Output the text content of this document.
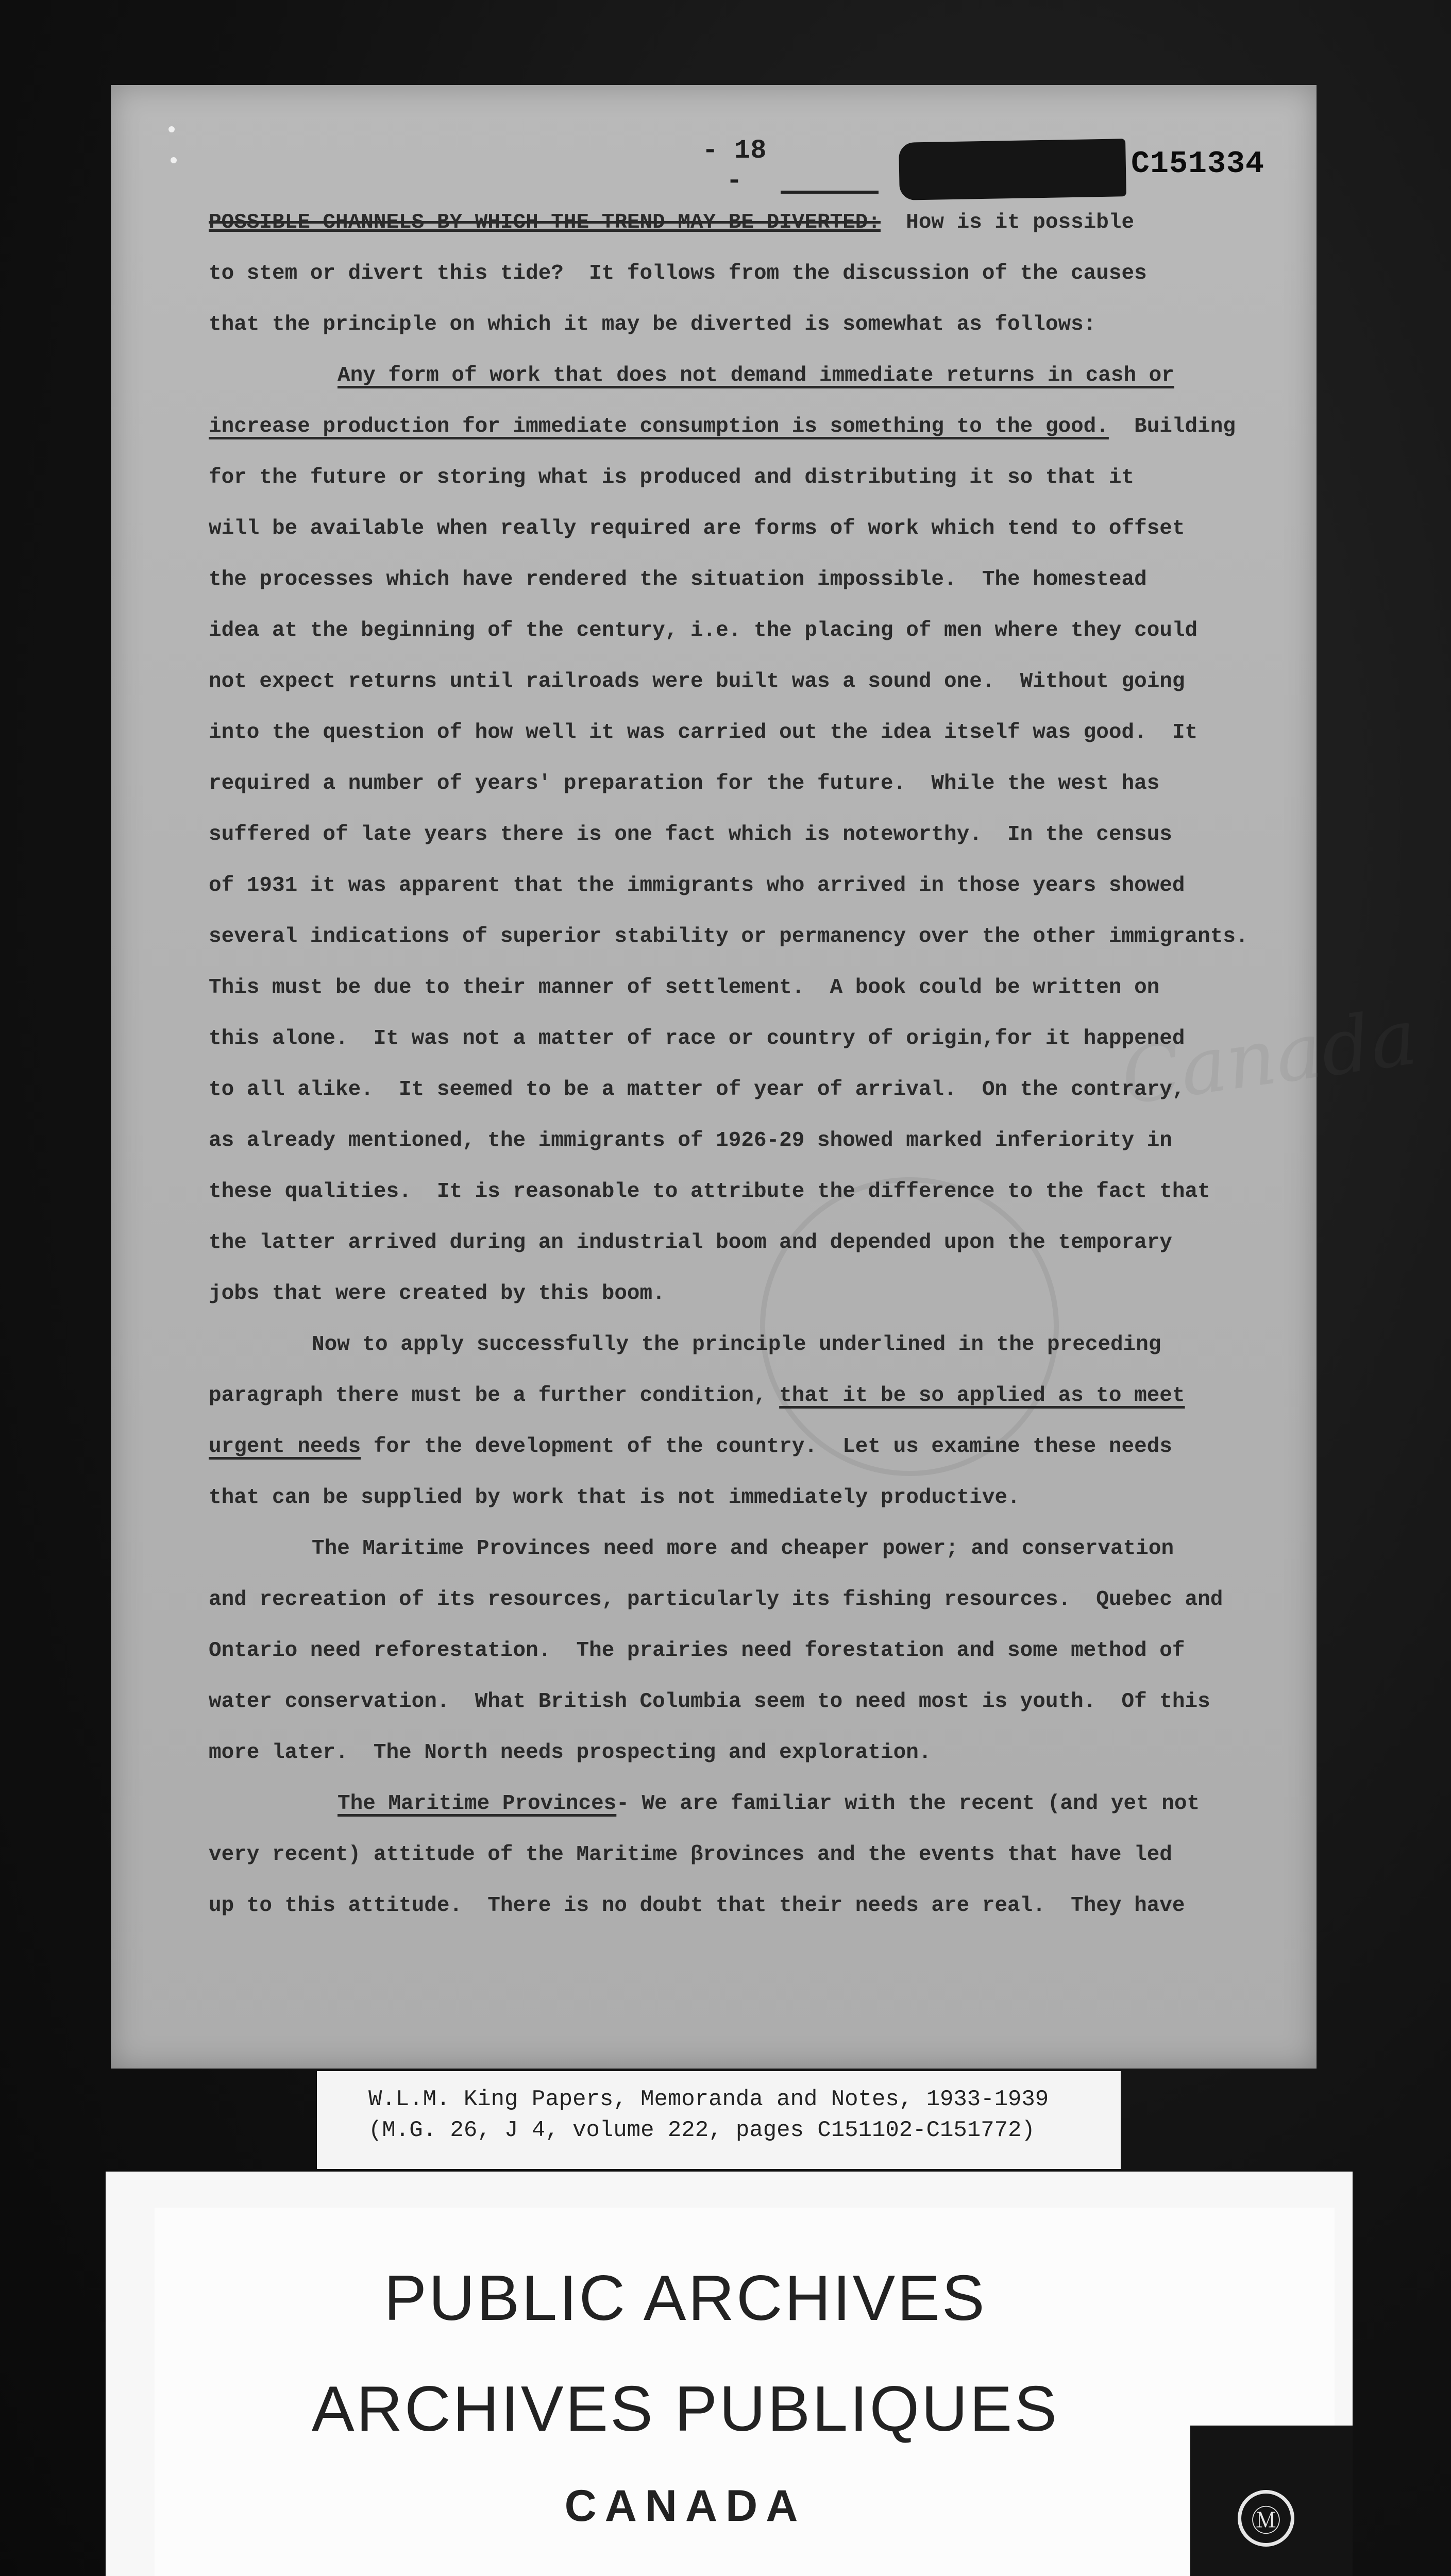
- 18 -	C151334
Canada
POSSIBLE CHANNELS BY WHICH THE TREND MAY BE DIVERTED:  How is it possible
to stem or divert this tide?  It follows from the discussion of the causes
that the principle on which it may be diverted is somewhat as follows:
Any form of work that does not demand immediate returns in cash or
increase production for immediate consumption is something to the good.  Building
for the future or storing what is produced and distributing it so that it
will be available when really required are forms of work which tend to offset
the processes which have rendered the situation impossible.  The homestead
idea at the beginning of the century, i.e. the placing of men where they could
not expect returns until railroads were built was a sound one.  Without going
into the question of how well it was carried out the idea itself was good.  It
required a number of years' preparation for the future.  While the west has
suffered of late years there is one fact which is noteworthy.  In the census
of 1931 it was apparent that the immigrants who arrived in those years showed
several indications of superior stability or permanency over the other immigrants.
This must be due to their manner of settlement.  A book could be written on
this alone.  It was not a matter of race or country of origin,for it happened
to all alike.  It seemed to be a matter of year of arrival.  On the contrary,
as already mentioned, the immigrants of 1926-29 showed marked inferiority in
these qualities.  It is reasonable to attribute the difference to the fact that
the latter arrived during an industrial boom and depended upon the temporary
jobs that were created by this boom.
Now to apply successfully the principle underlined in the preceding
paragraph there must be a further condition, that it be so applied as to meet
urgent needs for the development of the country.  Let us examine these needs
that can be supplied by work that is not immediately productive.
The Maritime Provinces need more and cheaper power; and conservation
and recreation of its resources, particularly its fishing resources.  Quebec and
Ontario need reforestation.  The prairies need forestation and some method of
water conservation.  What British Columbia seem to need most is youth.  Of this
more later.  The North needs prospecting and exploration.
The Maritime Provinces- We are familiar with the recent (and yet not
very recent) attitude of the Maritime βrovinces and the events that have led
up to this attitude.  There is no doubt that their needs are real.  They have
W.L.M. King Papers, Memoranda and Notes, 1933-1939
(M.G. 26, J 4, volume 222, pages C151102-C151772)
PUBLIC ARCHIVES
ARCHIVES PUBLIQUES
CANADA	Ⓜ
